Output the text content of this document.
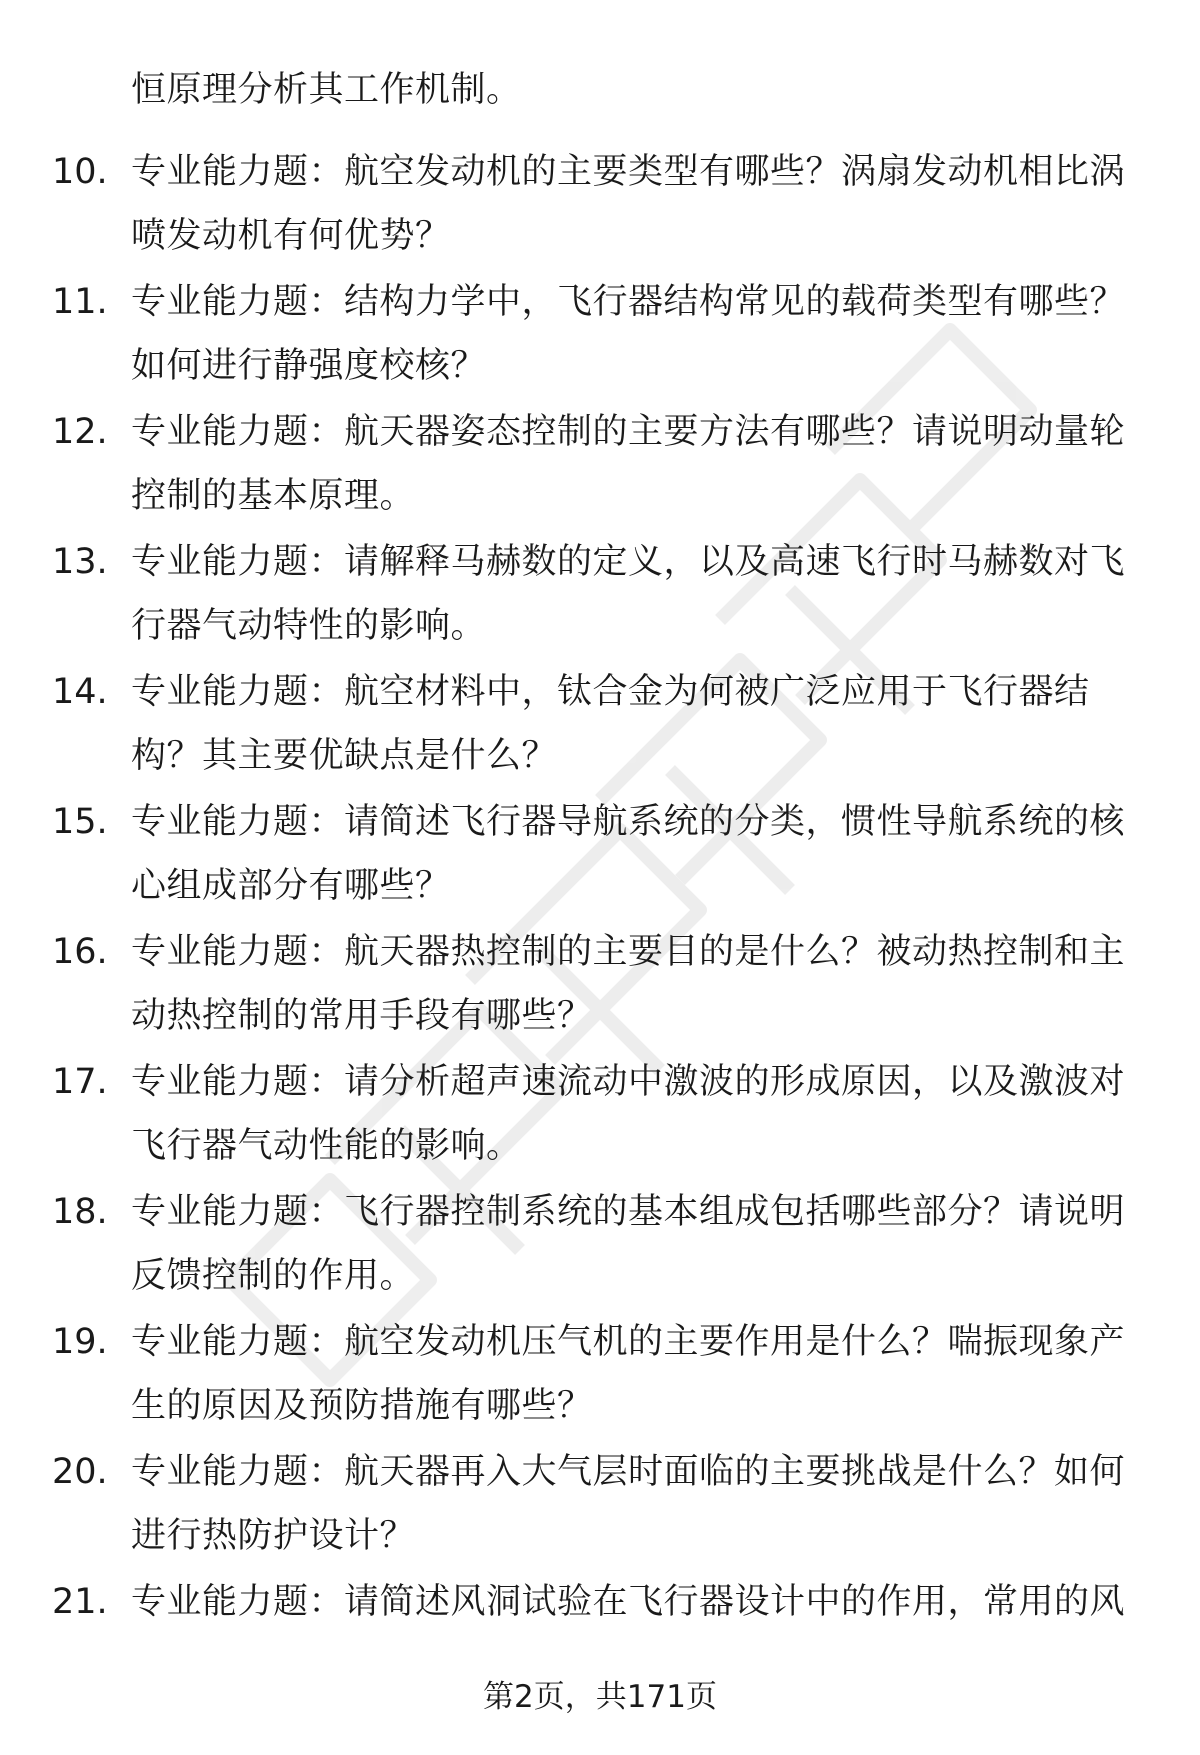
恒原理分析其工作机制。
10. 专业能力题：航空发动机的主要类型有哪些？涡扇发动机相比涡
喷发动机有何优势？
11. 专业能力题：结构力学中，飞行器结构常见的载荷类型有哪些？
如何进行静强度校核？
12. 专业能力题：航天器姿态控制的主要方法有哪些？请说明动量轮
控制的基本原理。
13. 专业能力题：请解释马赫数的定义，以及高速飞行时马赫数对飞
行器气动特性的影响。
14. 专业能力题：航空材料中，钛合金为何被广泛应用于飞行器结
构？其主要优缺点是什么？
15. 专业能力题：请简述飞行器导航系统的分类，惯性导航系统的核
心组成部分有哪些？
16. 专业能力题：航天器热控制的主要目的是什么？被动热控制和主
动热控制的常用手段有哪些？
17. 专业能力题：请分析超声速流动中激波的形成原因，以及激波对
飞行器气动性能的影响。
18. 专业能力题：飞行器控制系统的基本组成包括哪些部分？请说明
反馈控制的作用。
19. 专业能力题：航空发动机压气机的主要作用是什么？喘振现象产
生的原因及预防措施有哪些？
20. 专业能力题：航天器再入大气层时面临的主要挑战是什么？如何
进行热防护设计？
21. 专业能力题：请简述风洞试验在飞行器设计中的作用，常用的风
第2页，共171页
